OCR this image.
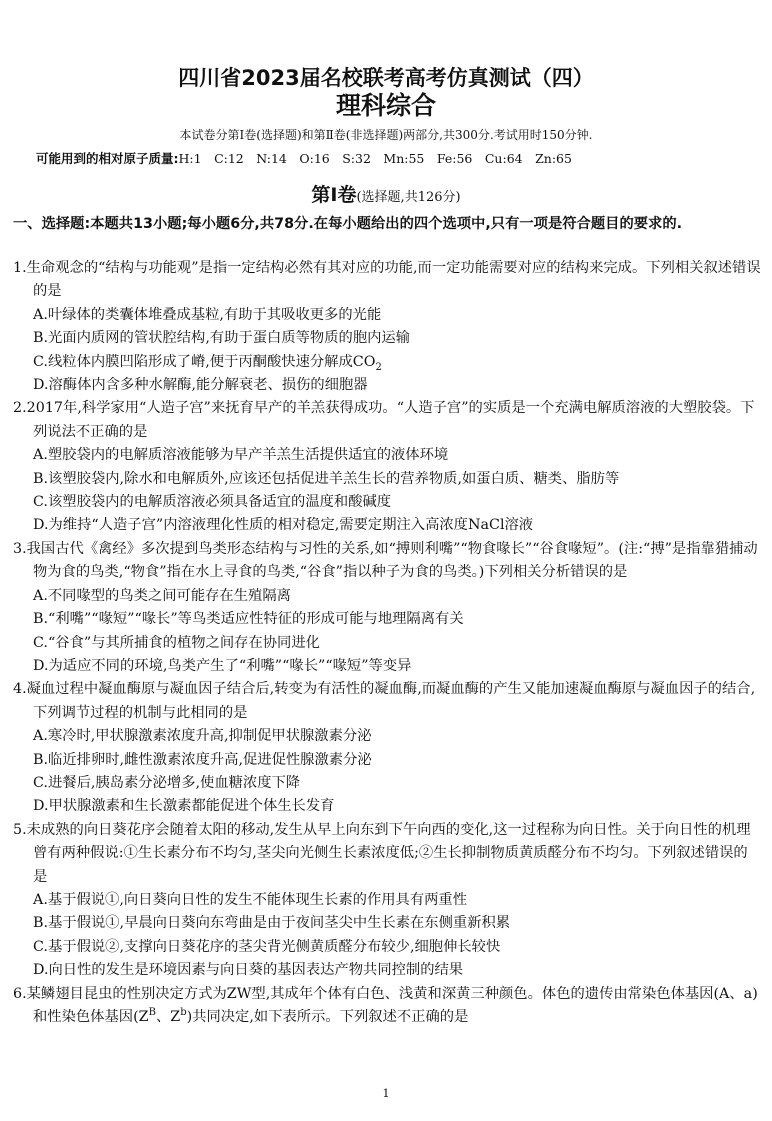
四川省2023届名校联考高考仿真测试（四）
理科综合
本试卷分第Ⅰ卷(选择题)和第Ⅱ卷(非选择题)两部分,共300分.考试用时150分钟.
可能用到的相对原子质量:H:1　C:12　N:14　O:16　S:32　Mn:55　Fe:56　Cu:64　Zn:65
第Ⅰ卷(选择题,共126分)
一、选择题:本题共13小题;每小题6分,共78分.在每小题给出的四个选项中,只有一项是符合题目的要求的.

1.生命观念的“结构与功能观”是指一定结构必然有其对应的功能,而一定功能需要对应的结构来完成。下列相关叙述错误的是

A.叶绿体的类囊体堆叠成基粒,有助于其吸收更多的光能

B.光面内质网的管状腔结构,有助于蛋白质等物质的胞内运输

C.线粒体内膜凹陷形成了嵴,便于丙酮酸快速分解成$CO_2$

D.溶酶体内含多种水解酶,能分解衰老、损伤的细胞器

2.2017年,科学家用“人造子宫”来抚育早产的羊羔获得成功。“人造子宫”的实质是一个充满电解质溶液的大塑胶袋。下列说法不正确的是

A.塑胶袋内的电解质溶液能够为早产羊羔生活提供适宜的液体环境

B.该塑胶袋内,除水和电解质外,应该还包括促进羊羔生长的营养物质,如蛋白质、糖类、脂肪等

C.该塑胶袋内的电解质溶液必须具备适宜的温度和酸碱度

D.为维持“人造子宫”内溶液理化性质的相对稳定,需要定期注入高浓度NaCl溶液

3.我国古代《禽经》多次提到鸟类形态结构与习性的关系,如“搏则利嘴”“物食喙长”“谷食喙短”。(注:“搏”是指靠猎捕动物为食的鸟类,“物食”指在水上寻食的鸟类,“谷食”指以种子为食的鸟类。)下列相关分析错误的是

A.不同喙型的鸟类之间可能存在生殖隔离

B.“利嘴”“喙短”“喙长”等鸟类适应性特征的形成可能与地理隔离有关

C.“谷食”与其所捕食的植物之间存在协同进化

D.为适应不同的环境,鸟类产生了“利嘴”“喙长”“喙短”等变异

4.凝血过程中凝血酶原与凝血因子结合后,转变为有活性的凝血酶,而凝血酶的产生又能加速凝血酶原与凝血因子的结合,下列调节过程的机制与此相同的是

A.寒冷时,甲状腺激素浓度升高,抑制促甲状腺激素分泌

B.临近排卵时,雌性激素浓度升高,促进促性腺激素分泌

C.进餐后,胰岛素分泌增多,使血糖浓度下降

D.甲状腺激素和生长激素都能促进个体生长发育

5.未成熟的向日葵花序会随着太阳的移动,发生从早上向东到下午向西的变化,这一过程称为向日性。关于向日性的机理曾有两种假说:①生长素分布不均匀,茎尖向光侧生长素浓度低;②生长抑制物质黄质醛分布不均匀。下列叙述错误的是

A.基于假说①,向日葵向日性的发生不能体现生长素的作用具有两重性

B.基于假说①,早晨向日葵向东弯曲是由于夜间茎尖中生长素在东侧重新积累

C.基于假说②,支撑向日葵花序的茎尖背光侧黄质醛分布较少,细胞伸长较快

D.向日性的发生是环境因素与向日葵的基因表达产物共同控制的结果

6.某鳞翅目昆虫的性别决定方式为ZW型,其成年个体有白色、浅黄和深黄三种颜色。体色的遗传由常染色体基因(A、a)和性染色体基因($Z^B$、$Z^b$)共同决定,如下表所示。下列叙述不正确的是

1
